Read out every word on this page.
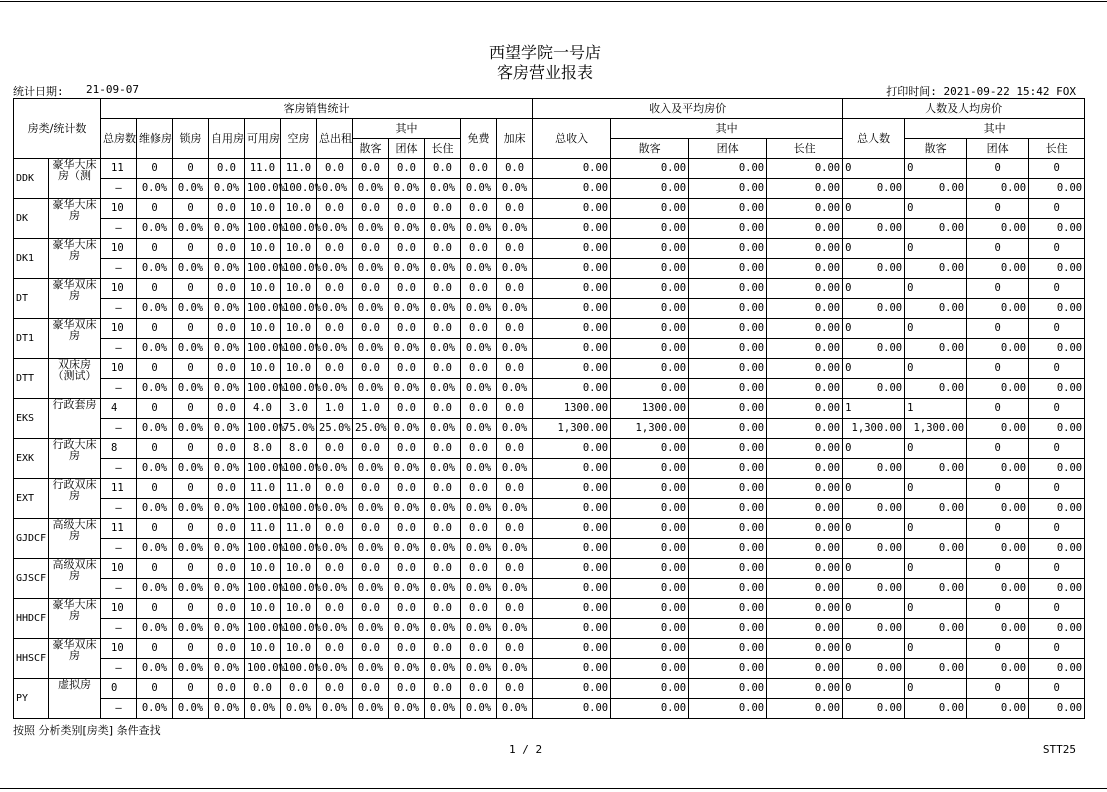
西望学院一号店
客房营业报表
统计日期: 21-09-07	打印时间: 2021-09-22 15:42 FOX
房类/统计数		客房销售统计												收入及平均房价				人数及人均房价			
		总房数	维修房	锁房	自用房	可用房	空房	总出租	其中			免费	加床	总收入	其中			总人数	其中		
									散客	团体	长住				散客	团体	长住		散客	团体	长住
DDK	豪华大床房（测	11	0	0	0.0	11.0	11.0	0.0	0.0	0.0	0.0	0.0	0.0	0.00	0.00	0.00	0.00	0	0	0	0
		—	0.0%	0.0%	0.0%	100.0%	100.0%	0.0%	0.0%	0.0%	0.0%	0.0%	0.0%	0.00	0.00	0.00	0.00	0.00	0.00	0.00	0.00
DK	豪华大床房	10	0	0	0.0	10.0	10.0	0.0	0.0	0.0	0.0	0.0	0.0	0.00	0.00	0.00	0.00	0	0	0	0
		—	0.0%	0.0%	0.0%	100.0%	100.0%	0.0%	0.0%	0.0%	0.0%	0.0%	0.0%	0.00	0.00	0.00	0.00	0.00	0.00	0.00	0.00
DK1	豪华大床房	10	0	0	0.0	10.0	10.0	0.0	0.0	0.0	0.0	0.0	0.0	0.00	0.00	0.00	0.00	0	0	0	0
		—	0.0%	0.0%	0.0%	100.0%	100.0%	0.0%	0.0%	0.0%	0.0%	0.0%	0.0%	0.00	0.00	0.00	0.00	0.00	0.00	0.00	0.00
DT	豪华双床房	10	0	0	0.0	10.0	10.0	0.0	0.0	0.0	0.0	0.0	0.0	0.00	0.00	0.00	0.00	0	0	0	0
		—	0.0%	0.0%	0.0%	100.0%	100.0%	0.0%	0.0%	0.0%	0.0%	0.0%	0.0%	0.00	0.00	0.00	0.00	0.00	0.00	0.00	0.00
DT1	豪华双床房	10	0	0	0.0	10.0	10.0	0.0	0.0	0.0	0.0	0.0	0.0	0.00	0.00	0.00	0.00	0	0	0	0
		—	0.0%	0.0%	0.0%	100.0%	100.0%	0.0%	0.0%	0.0%	0.0%	0.0%	0.0%	0.00	0.00	0.00	0.00	0.00	0.00	0.00	0.00
DTT	双床房（测试）	10	0	0	0.0	10.0	10.0	0.0	0.0	0.0	0.0	0.0	0.0	0.00	0.00	0.00	0.00	0	0	0	0
		—	0.0%	0.0%	0.0%	100.0%	100.0%	0.0%	0.0%	0.0%	0.0%	0.0%	0.0%	0.00	0.00	0.00	0.00	0.00	0.00	0.00	0.00
EKS	行政套房	4	0	0	0.0	4.0	3.0	1.0	1.0	0.0	0.0	0.0	0.0	1300.00	1300.00	0.00	0.00	1	1	0	0
		—	0.0%	0.0%	0.0%	100.0%	75.0%	25.0%	25.0%	0.0%	0.0%	0.0%	0.0%	1,300.00	1,300.00	0.00	0.00	1,300.00	1,300.00	0.00	0.00
EXK	行政大床房	8	0	0	0.0	8.0	8.0	0.0	0.0	0.0	0.0	0.0	0.0	0.00	0.00	0.00	0.00	0	0	0	0
		—	0.0%	0.0%	0.0%	100.0%	100.0%	0.0%	0.0%	0.0%	0.0%	0.0%	0.0%	0.00	0.00	0.00	0.00	0.00	0.00	0.00	0.00
EXT	行政双床房	11	0	0	0.0	11.0	11.0	0.0	0.0	0.0	0.0	0.0	0.0	0.00	0.00	0.00	0.00	0	0	0	0
		—	0.0%	0.0%	0.0%	100.0%	100.0%	0.0%	0.0%	0.0%	0.0%	0.0%	0.0%	0.00	0.00	0.00	0.00	0.00	0.00	0.00	0.00
GJDCF	高级大床房	11	0	0	0.0	11.0	11.0	0.0	0.0	0.0	0.0	0.0	0.0	0.00	0.00	0.00	0.00	0	0	0	0
		—	0.0%	0.0%	0.0%	100.0%	100.0%	0.0%	0.0%	0.0%	0.0%	0.0%	0.0%	0.00	0.00	0.00	0.00	0.00	0.00	0.00	0.00
GJSCF	高级双床房	10	0	0	0.0	10.0	10.0	0.0	0.0	0.0	0.0	0.0	0.0	0.00	0.00	0.00	0.00	0	0	0	0
		—	0.0%	0.0%	0.0%	100.0%	100.0%	0.0%	0.0%	0.0%	0.0%	0.0%	0.0%	0.00	0.00	0.00	0.00	0.00	0.00	0.00	0.00
HHDCF	豪华大床房	10	0	0	0.0	10.0	10.0	0.0	0.0	0.0	0.0	0.0	0.0	0.00	0.00	0.00	0.00	0	0	0	0
		—	0.0%	0.0%	0.0%	100.0%	100.0%	0.0%	0.0%	0.0%	0.0%	0.0%	0.0%	0.00	0.00	0.00	0.00	0.00	0.00	0.00	0.00
HHSCF	豪华双床房	10	0	0	0.0	10.0	10.0	0.0	0.0	0.0	0.0	0.0	0.0	0.00	0.00	0.00	0.00	0	0	0	0
		—	0.0%	0.0%	0.0%	100.0%	100.0%	0.0%	0.0%	0.0%	0.0%	0.0%	0.0%	0.00	0.00	0.00	0.00	0.00	0.00	0.00	0.00
PY	虚拟房	0	0	0	0.0	0.0	0.0	0.0	0.0	0.0	0.0	0.0	0.0	0.00	0.00	0.00	0.00	0	0	0	0
		—	0.0%	0.0%	0.0%	0.0%	0.0%	0.0%	0.0%	0.0%	0.0%	0.0%	0.0%	0.00	0.00	0.00	0.00	0.00	0.00	0.00	0.00
按照 分析类别[房类] 条件查找
1 / 2	STT25
